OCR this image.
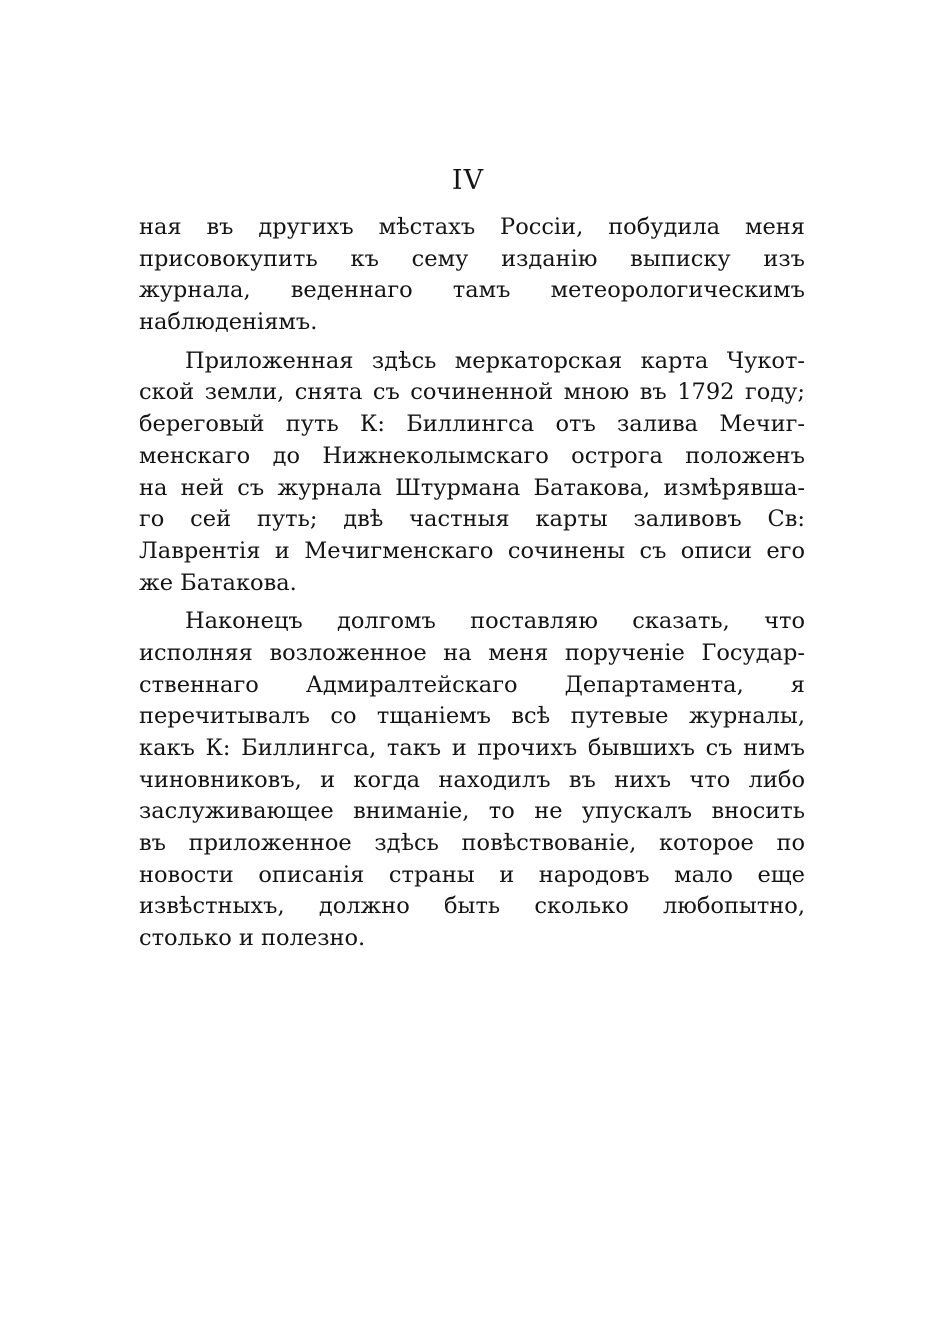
IV
ная въ другихъ мѣстахъ Россіи, побудила меня
присовокупить къ сему изданію выписку изъ
журнала, веденнаго тамъ метеорологическимъ
наблюденіямъ.
Приложенная здѣсь меркаторская карта Чукот-
ской земли, снята съ сочиненной мною въ 1792 году;
береговый путь К: Биллингса отъ залива Мечиг-
менскаго до Нижнеколымскаго острога положенъ
на ней съ журнала Штурмана Батакова, измѣрявша-
го сей путь; двѣ частныя карты заливовъ Св:
Лаврентія и Мечигменскаго сочинены съ описи его
же Батакова.
Наконецъ долгомъ поставляю сказать, что
исполняя возложенное на меня порученіе Государ-
ственнаго Адмиралтейскаго Департамента, я
перечитывалъ со тщаніемъ всѣ путевые журналы,
какъ К: Биллингса, такъ и прочихъ бывшихъ съ нимъ
чиновниковъ, и когда находилъ въ нихъ что либо
заслуживающее вниманіе, то не упускалъ вносить
въ приложенное здѣсь повѣствованіе, которое по
новости описанія страны и народовъ мало еще
извѣстныхъ, должно быть сколько любопытно,
столько и полезно.
